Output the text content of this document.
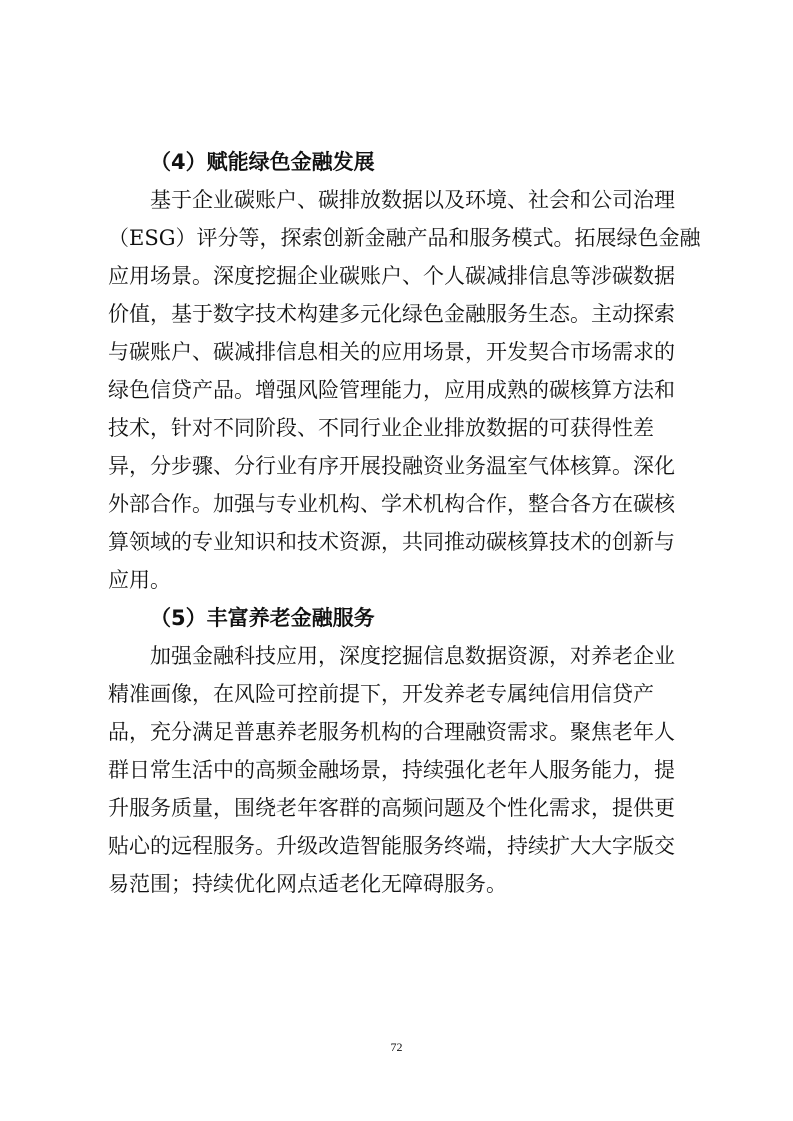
（4）赋能绿色金融发展
基于企业碳账户、碳排放数据以及环境、社会和公司治理
（ESG）评分等，探索创新金融产品和服务模式。拓展绿色金融
应用场景。深度挖掘企业碳账户、个人碳减排信息等涉碳数据
价值，基于数字技术构建多元化绿色金融服务生态。主动探索
与碳账户、碳减排信息相关的应用场景，开发契合市场需求的
绿色信贷产品。增强风险管理能力，应用成熟的碳核算方法和
技术，针对不同阶段、不同行业企业排放数据的可获得性差
异，分步骤、分行业有序开展投融资业务温室气体核算。深化
外部合作。加强与专业机构、学术机构合作，整合各方在碳核
算领域的专业知识和技术资源，共同推动碳核算技术的创新与
应用。
（5）丰富养老金融服务
加强金融科技应用，深度挖掘信息数据资源，对养老企业
精准画像，在风险可控前提下，开发养老专属纯信用信贷产
品，充分满足普惠养老服务机构的合理融资需求。聚焦老年人
群日常生活中的高频金融场景，持续强化老年人服务能力，提
升服务质量，围绕老年客群的高频问题及个性化需求，提供更
贴心的远程服务。升级改造智能服务终端，持续扩大大字版交
易范围；持续优化网点适老化无障碍服务。
72
